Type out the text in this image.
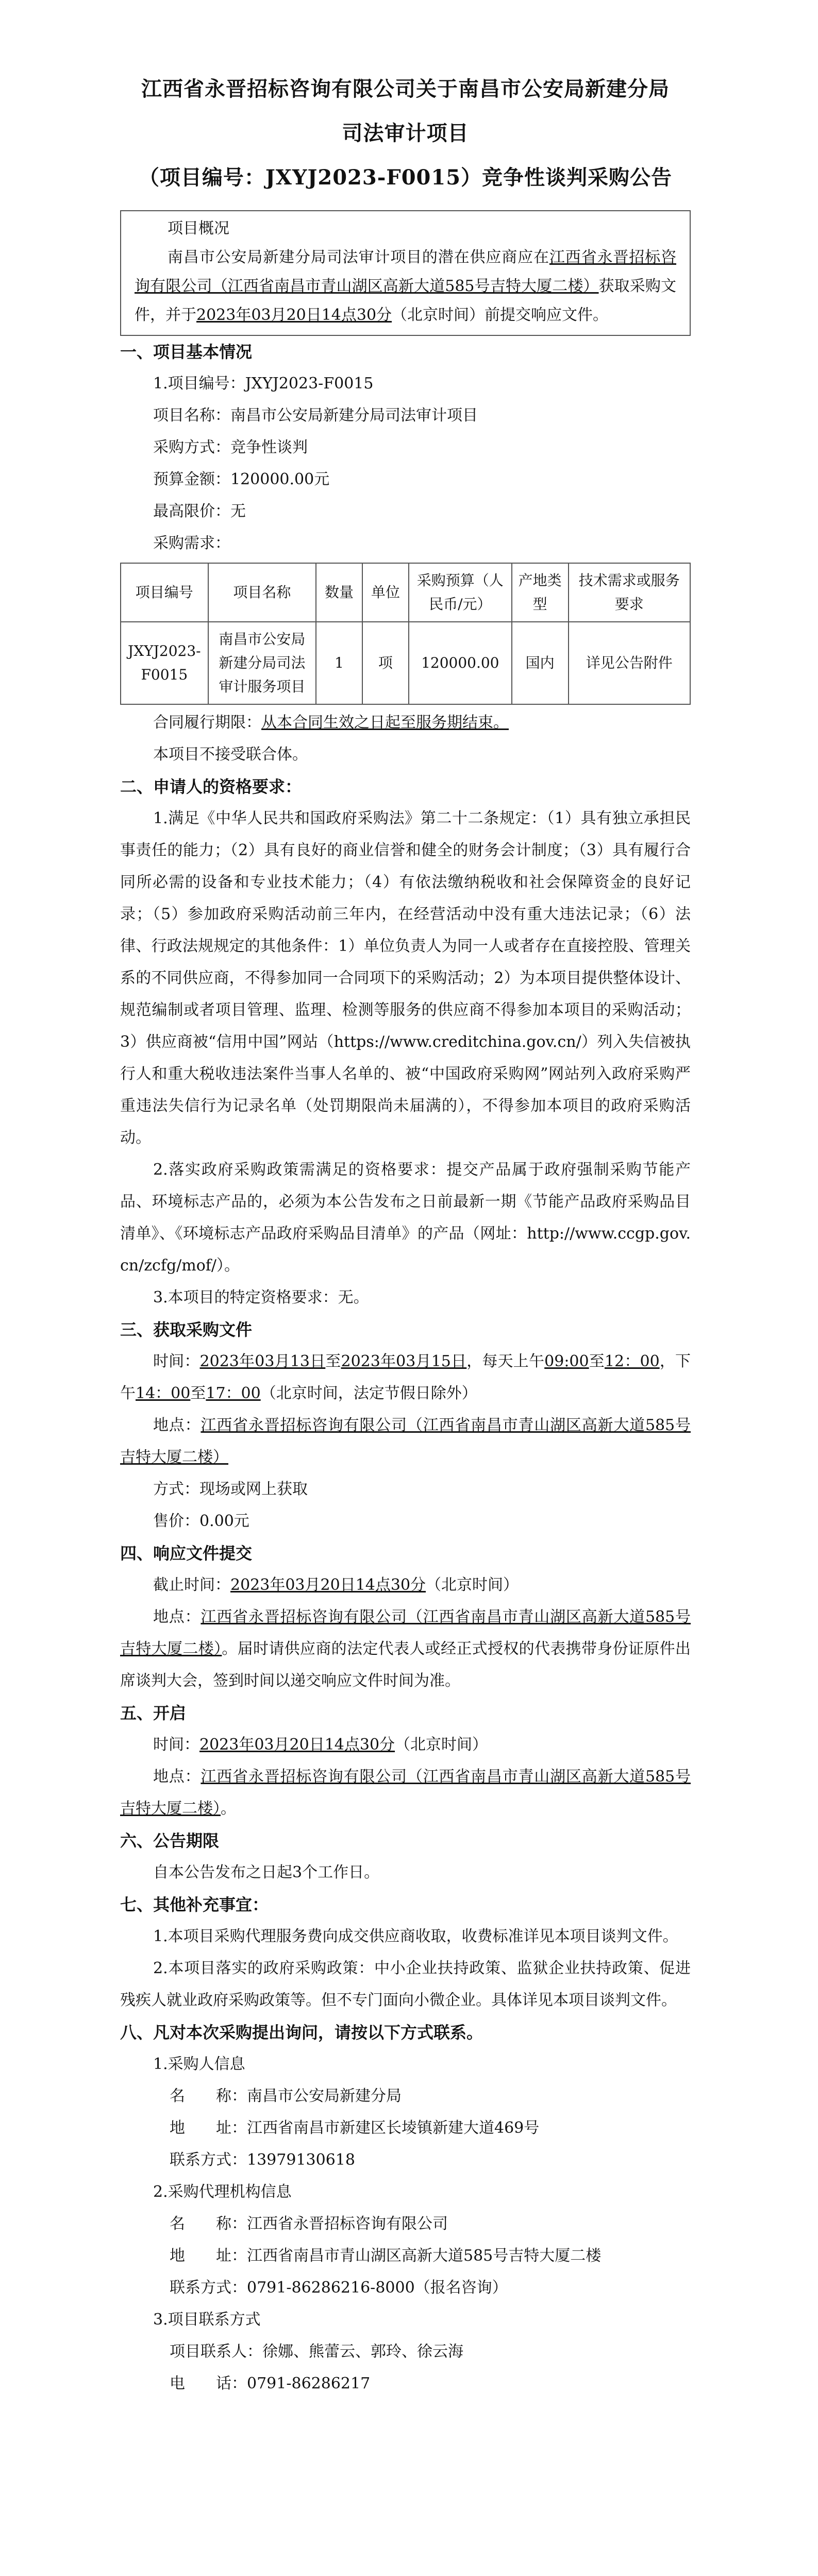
江西省永晋招标咨询有限公司关于南昌市公安局新建分局
司法审计项目
（项目编号：JXYJ2023-F0015）竞争性谈判采购公告

项目概况

南昌市公安局新建分局司法审计项目的潜在供应商应在江西省永晋招标咨询有限公司（江西省南昌市青山湖区高新大道585号吉特大厦二楼）获取采购文件，并于2023年03月20日14点30分（北京时间）前提交响应文件。

一、项目基本情况

1.项目编号：JXYJ2023-F0015

项目名称：南昌市公安局新建分局司法审计项目

采购方式：竞争性谈判

预算金额：120000.00元

最高限价：无

采购需求：

项目编号	项目名称	数量	单位	采购预算（人民币/元）	产地类型	技术需求或服务要求
JXYJ2023-F0015	南昌市公安局新建分局司法审计服务项目	1	项	120000.00	国内	详见公告附件

合同履行期限：从本合同生效之日起至服务期结束。

本项目不接受联合体。

二、申请人的资格要求：

1.满足《中华人民共和国政府采购法》第二十二条规定：（1）具有独立承担民事责任的能力；（2）具有良好的商业信誉和健全的财务会计制度；（3）具有履行合同所必需的设备和专业技术能力；（4）有依法缴纳税收和社会保障资金的良好记录；（5）参加政府采购活动前三年内，在经营活动中没有重大违法记录；（6）法律、行政法规规定的其他条件：1）单位负责人为同一人或者存在直接控股、管理关系的不同供应商，不得参加同一合同项下的采购活动；2）为本项目提供整体设计、规范编制或者项目管理、监理、检测等服务的供应商不得参加本项目的采购活动；3）供应商被“信用中国”网站（https://www.creditchina.gov.cn/）列入失信被执行人和重大税收违法案件当事人名单的、被“中国政府采购网”网站列入政府采购严重违法失信行为记录名单（处罚期限尚未届满的），不得参加本项目的政府采购活动。

2.落实政府采购政策需满足的资格要求：提交产品属于政府强制采购节能产品、环境标志产品的，必须为本公告发布之日前最新一期《节能产品政府采购品目清单》、《环境标志产品政府采购品目清单》的产品（网址：http://www.ccgp.gov.cn/zcfg/mof/）。

3.本项目的特定资格要求：无。

三、获取采购文件

时间：2023年03月13日至2023年03月15日，每天上午09:00至12：00，下午14：00至17：00（北京时间，法定节假日除外）

地点：江西省永晋招标咨询有限公司（江西省南昌市青山湖区高新大道585号吉特大厦二楼）

方式：现场或网上获取

售价：0.00元

四、响应文件提交

截止时间：2023年03月20日14点30分（北京时间）

地点：江西省永晋招标咨询有限公司（江西省南昌市青山湖区高新大道585号吉特大厦二楼）。届时请供应商的法定代表人或经正式授权的代表携带身份证原件出席谈判大会，签到时间以递交响应文件时间为准。

五、开启

时间：2023年03月20日14点30分（北京时间）

地点：江西省永晋招标咨询有限公司（江西省南昌市青山湖区高新大道585号吉特大厦二楼）。

六、公告期限

自本公告发布之日起3个工作日。

七、其他补充事宜：

1.本项目采购代理服务费向成交供应商收取，收费标准详见本项目谈判文件。

2.本项目落实的政府采购政策：中小企业扶持政策、监狱企业扶持政策、促进残疾人就业政府采购政策等。但不专门面向小微企业。具体详见本项目谈判文件。

八、凡对本次采购提出询问，请按以下方式联系。

1.采购人信息

名　　称：南昌市公安局新建分局

地　　址：江西省南昌市新建区长堎镇新建大道469号

联系方式：13979130618

2.采购代理机构信息

名　　称：江西省永晋招标咨询有限公司

地　　址：江西省南昌市青山湖区高新大道585号吉特大厦二楼

联系方式：0791-86286216-8000（报名咨询）

3.项目联系方式

项目联系人：徐娜、熊蕾云、郭玲、徐云海

电　　话：0791-86286217
